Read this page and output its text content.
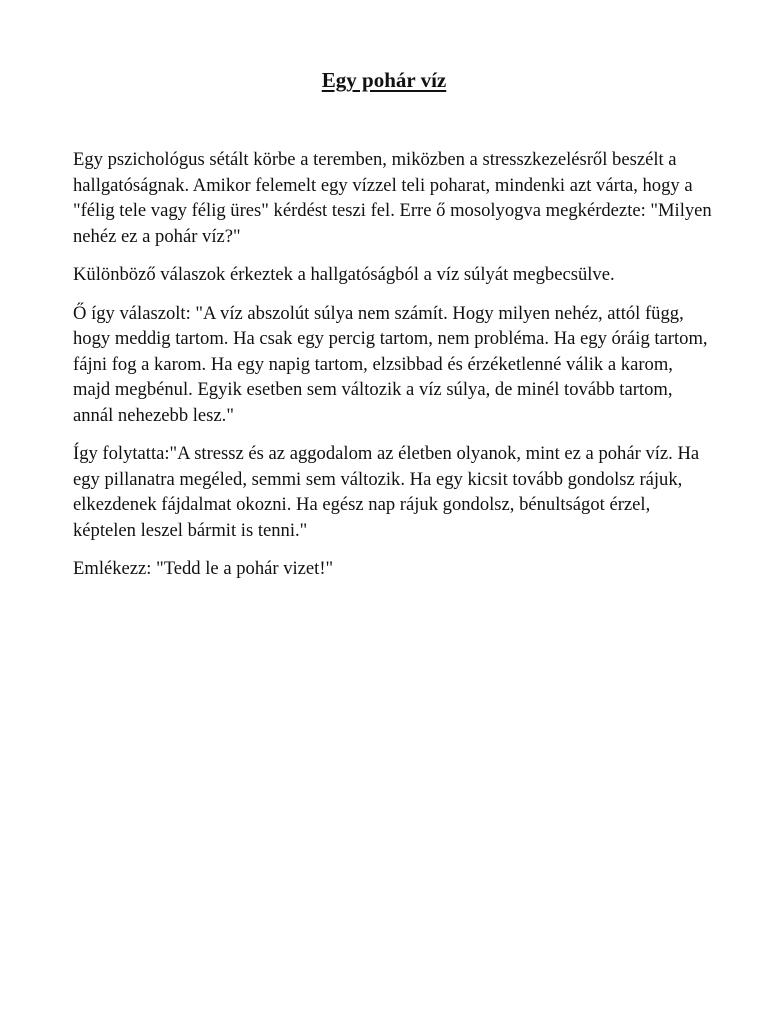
Egy pohár víz

Egy pszichológus sétált körbe a teremben, miközben a stresszkezelésről beszélt a hallgatóságnak. Amikor felemelt egy vízzel teli poharat, mindenki azt várta, hogy a "félig tele vagy félig üres" kérdést teszi fel. Erre ő mosolyogva megkérdezte: "Milyen nehéz ez a pohár víz?"

Különböző válaszok érkeztek a hallgatóságból a víz súlyát megbecsülve.

Ő így válaszolt: "A víz abszolút súlya nem számít. Hogy milyen nehéz, attól függ, hogy meddig tartom. Ha csak egy percig tartom, nem probléma. Ha egy óráig tartom, fájni fog a karom. Ha egy napig tartom, elzsibbad és érzéketlenné válik a karom, majd megbénul. Egyik esetben sem változik a víz súlya, de minél tovább tartom, annál nehezebb lesz."

Így folytatta:"A stressz és az aggodalom az életben olyanok, mint ez a pohár víz. Ha egy pillanatra megéled, semmi sem változik. Ha egy kicsit tovább gondolsz rájuk, elkezdenek fájdalmat okozni. Ha egész nap rájuk gondolsz, bénultságot érzel, képtelen leszel bármit is tenni."

Emlékezz: "Tedd le a pohár vizet!"
